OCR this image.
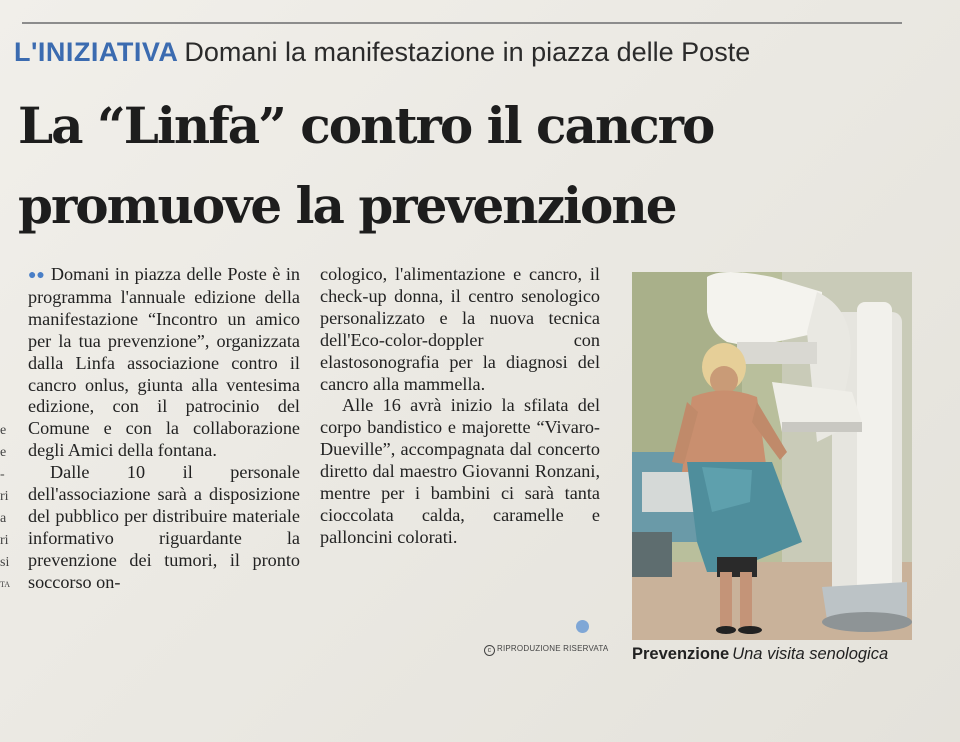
L'INIZIATIVA Domani la manifestazione in piazza delle Poste
La “Linfa” contro il cancro
promuove la prevenzione
e
e
-
ri
a
ri
si
TA

●● Domani in piazza delle Poste è in programma l'annuale edizione della manifestazione “Incontro un amico per la tua prevenzione”, organizzata dalla Linfa associazione contro il cancro onlus, giunta alla ventesima edizione, con il patrocinio del Comune e con la collaborazione degli Amici della fontana.

Dalle 10 il personale dell'associazione sarà a disposizione del pubblico per distribuire materiale informativo riguardante la prevenzione dei tumori, il pronto soccorso on-

cologico, l'alimentazione e cancro, il check-up donna, il centro senologico personalizzato e la nuova tecnica dell'Eco-color-doppler con elastosonografia per la diagnosi del cancro alla mammella.

Alle 16 avrà inizio la sfilata del corpo bandistico e majorette “Vivaro-Dueville”, accompagnata dal concerto diretto dal maestro Giovanni Ronzani, mentre per i bambini ci sarà tanta cioccolata calda, caramelle e palloncini colorati.

c RIPRODUZIONE RISERVATA Prevenzione Una visita senologica
